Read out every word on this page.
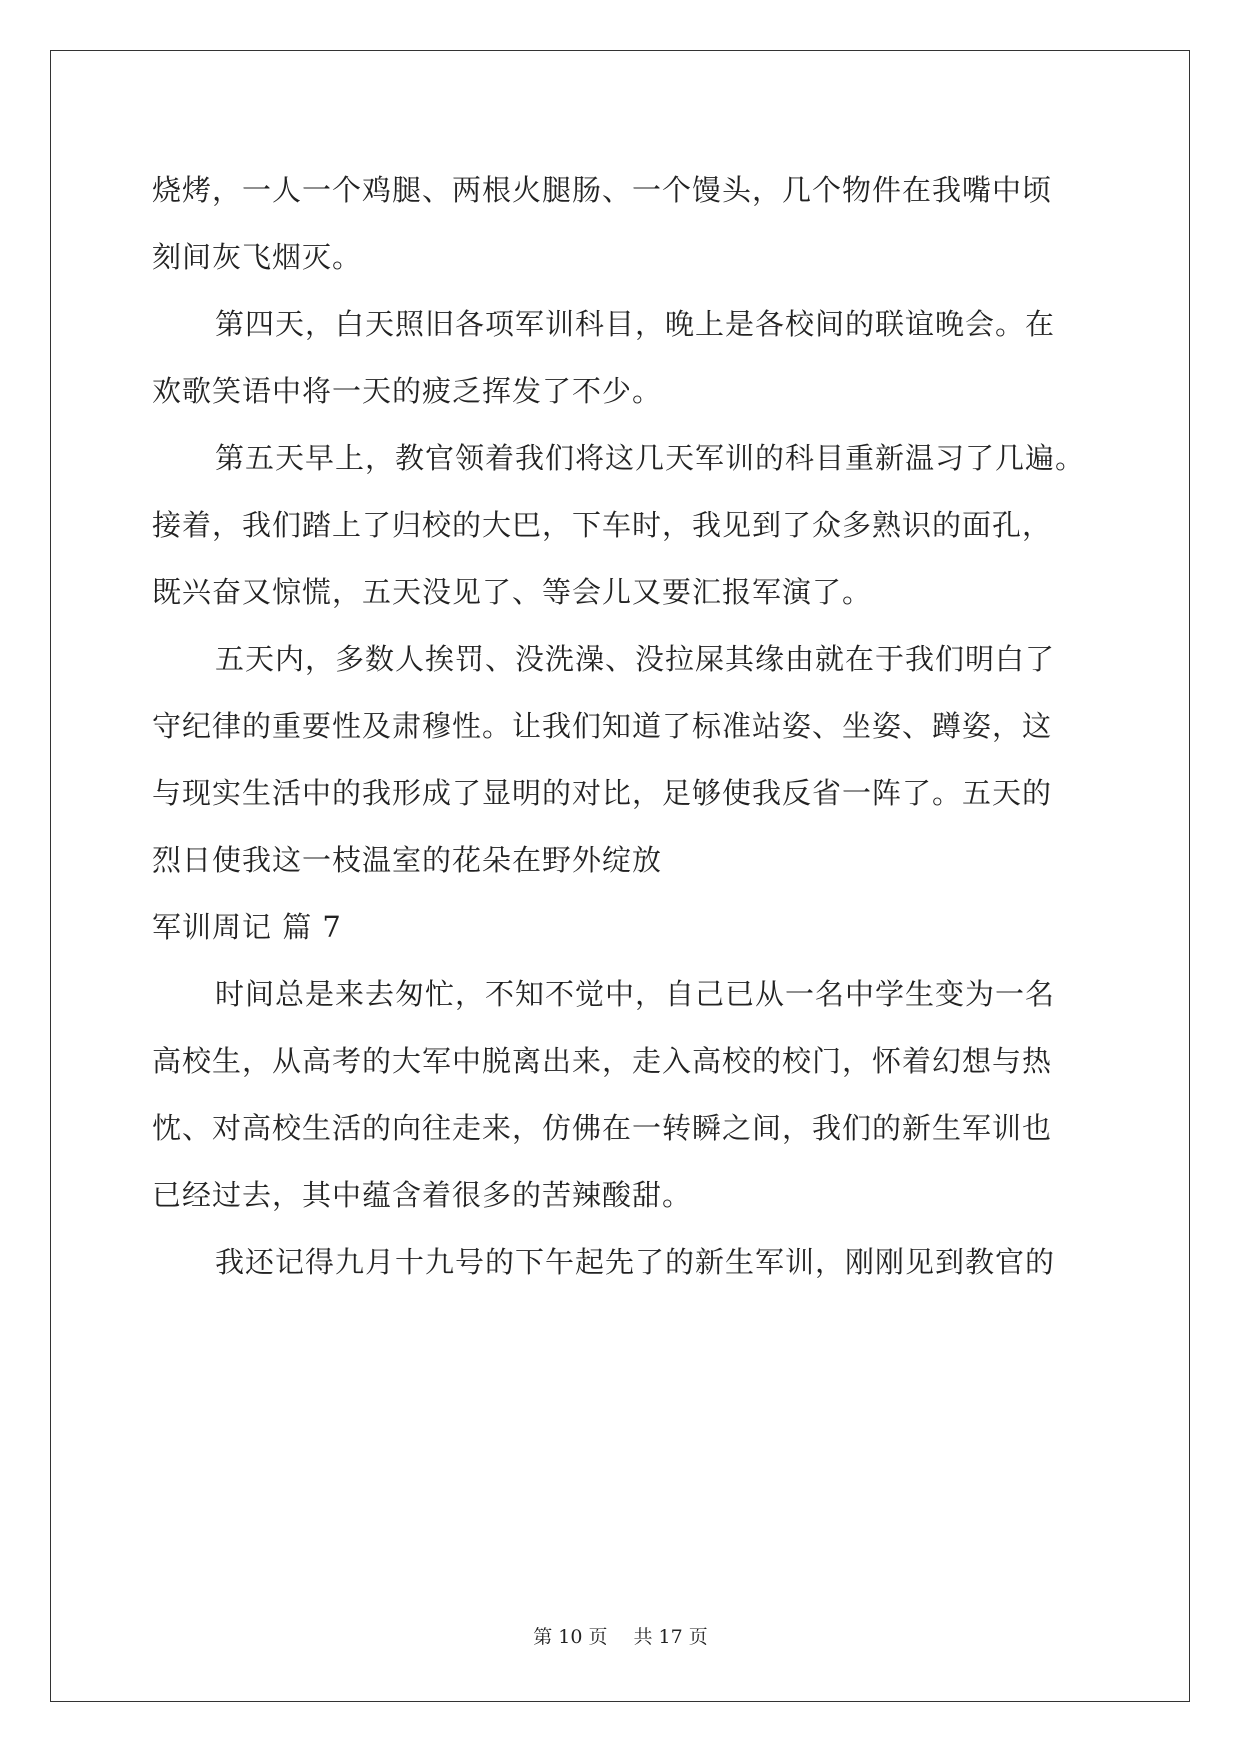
烧烤，一人一个鸡腿、两根火腿肠、一个馒头，几个物件在我嘴中顷
刻间灰飞烟灭。
第四天，白天照旧各项军训科目，晚上是各校间的联谊晚会。在
欢歌笑语中将一天的疲乏挥发了不少。
第五天早上，教官领着我们将这几天军训的科目重新温习了几遍。
接着，我们踏上了归校的大巴，下车时，我见到了众多熟识的面孔，
既兴奋又惊慌，五天没见了、等会儿又要汇报军演了。
五天内，多数人挨罚、没洗澡、没拉屎其缘由就在于我们明白了
守纪律的重要性及肃穆性。让我们知道了标准站姿、坐姿、蹲姿，这
与现实生活中的我形成了显明的对比，足够使我反省一阵了。五天的
烈日使我这一枝温室的花朵在野外绽放
军训周记 篇 7
时间总是来去匆忙，不知不觉中，自己已从一名中学生变为一名
高校生，从高考的大军中脱离出来，走入高校的校门，怀着幻想与热
忱、对高校生活的向往走来，仿佛在一转瞬之间，我们的新生军训也
已经过去，其中蕴含着很多的苦辣酸甜。
我还记得九月十九号的下午起先了的新生军训，刚刚见到教官的
第 10 页 共 17 页
